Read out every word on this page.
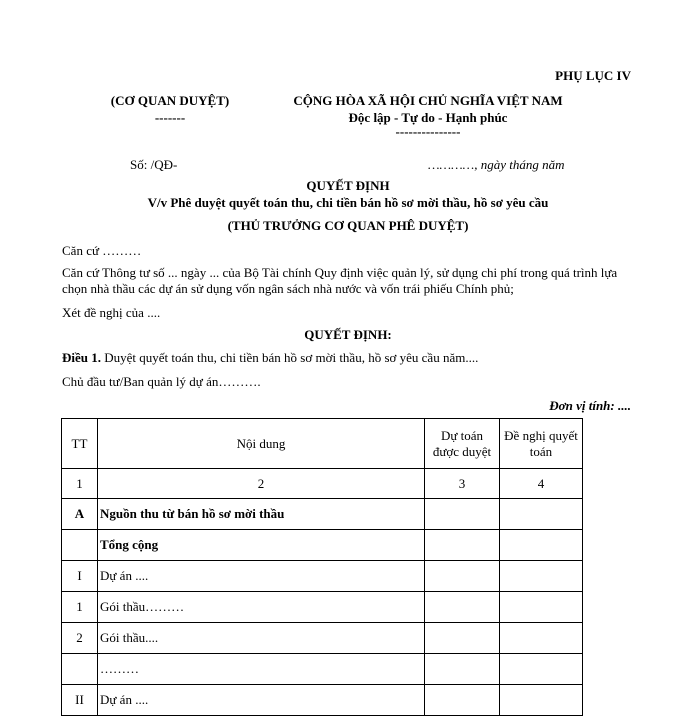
PHỤ LỤC IV
(CƠ QUAN DUYỆT)
-------
CỘNG HÒA XÃ HỘI CHỦ NGHĨA VIỆT NAM
Độc lập - Tự do - Hạnh phúc
---------------
Số: /QĐ-	…………, ngày tháng năm
QUYẾT ĐỊNH
V/v Phê duyệt quyết toán thu, chi tiền bán hồ sơ mời thầu, hồ sơ yêu cầu
(THỦ TRƯỞNG CƠ QUAN PHÊ DUYỆT)

Căn cứ ………

Căn cứ Thông tư số ... ngày ... của Bộ Tài chính Quy định việc quản lý, sử dụng chi phí trong quá trình lựa chọn nhà thầu các dự án sử dụng vốn ngân sách nhà nước và vốn trái phiếu Chính phủ;

Xét đề nghị của ....

QUYẾT ĐỊNH:

Điều 1. Duyệt quyết toán thu, chi tiền bán hồ sơ mời thầu, hồ sơ yêu cầu năm....

Chủ đầu tư/Ban quản lý dự án……….

Đơn vị tính: ....
TT	Nội dung	Dự toán được duyệt	Đề nghị quyết toán
1	2	3	4
A	Nguồn thu từ bán hồ sơ mời thầu		
	Tổng cộng		
I	Dự án ....		
1	Gói thầu………		
2	Gói thầu....		
	………		
II	Dự án ....		
